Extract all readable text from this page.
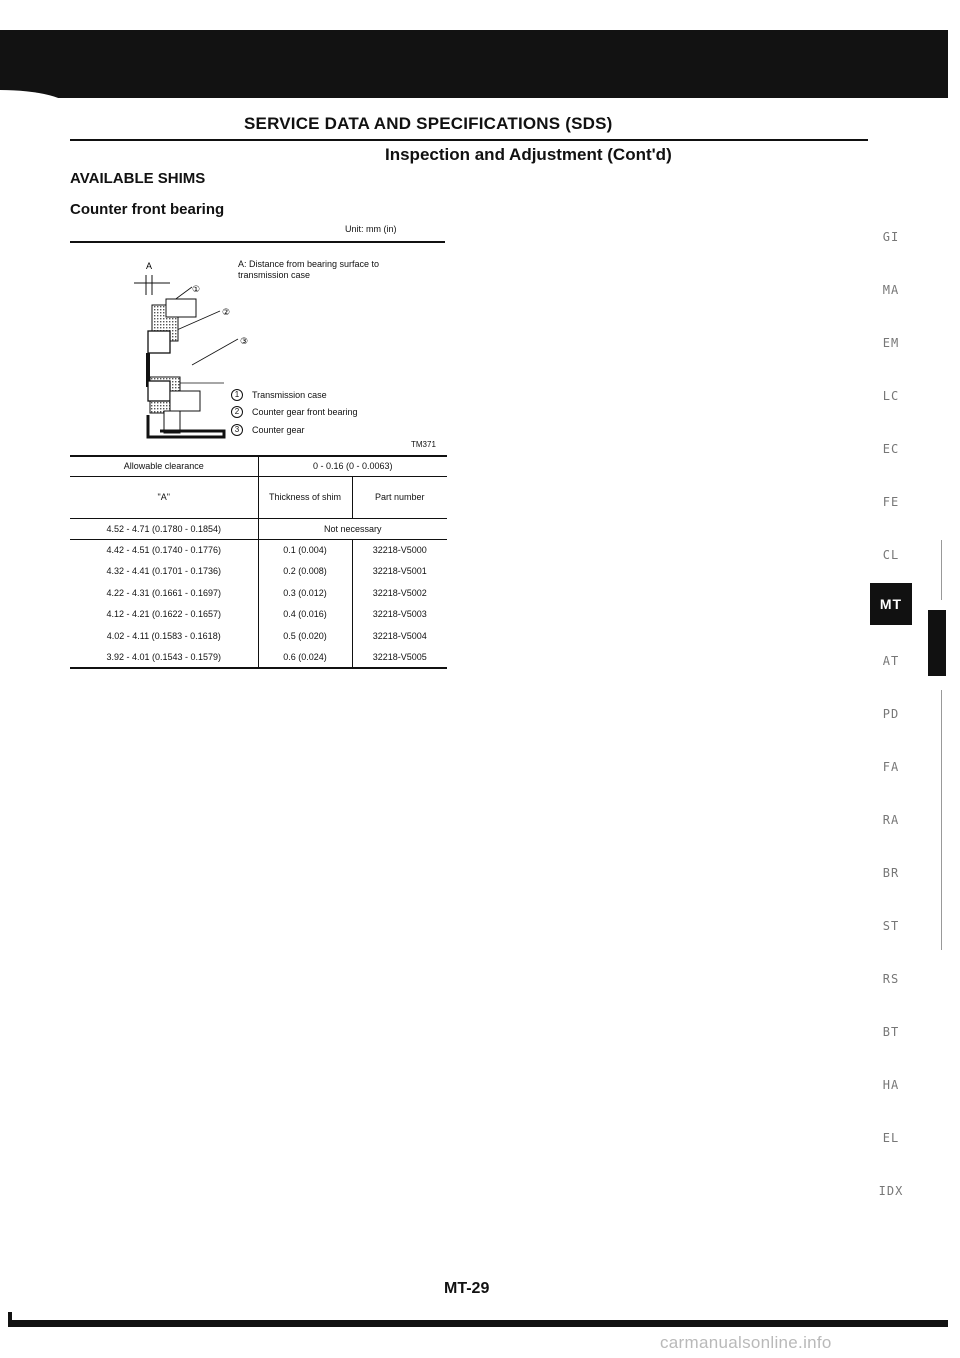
SERVICE DATA AND SPECIFICATIONS (SDS)
Inspection and Adjustment (Cont'd)
AVAILABLE SHIMS
Counter front bearing
Unit: mm (in)
A
①
②
③
A: Distance from bearing surface to transmission case
1	Transmission case
2	Counter gear front bearing
3	Counter gear
TM371
Allowable clearance	0 - 0.16 (0 - 0.0063)	
"A"	Thickness of shim	Part number
4.52 - 4.71 (0.1780 - 0.1854)	Not necessary	
4.42 - 4.51 (0.1740 - 0.1776)	0.1 (0.004)	32218-V5000
4.32 - 4.41 (0.1701 - 0.1736)	0.2 (0.008)	32218-V5001
4.22 - 4.31 (0.1661 - 0.1697)	0.3 (0.012)	32218-V5002
4.12 - 4.21 (0.1622 - 0.1657)	0.4 (0.016)	32218-V5003
4.02 - 4.11 (0.1583 - 0.1618)	0.5 (0.020)	32218-V5004
3.92 - 4.01 (0.1543 - 0.1579)	0.6 (0.024)	32218-V5005
GI
MA
EM
LC
EC
FE
CL
MT
AT
PD
FA
RA
BR
ST
RS
BT
HA
EL
IDX
MT-29
carmanualsonline.info
